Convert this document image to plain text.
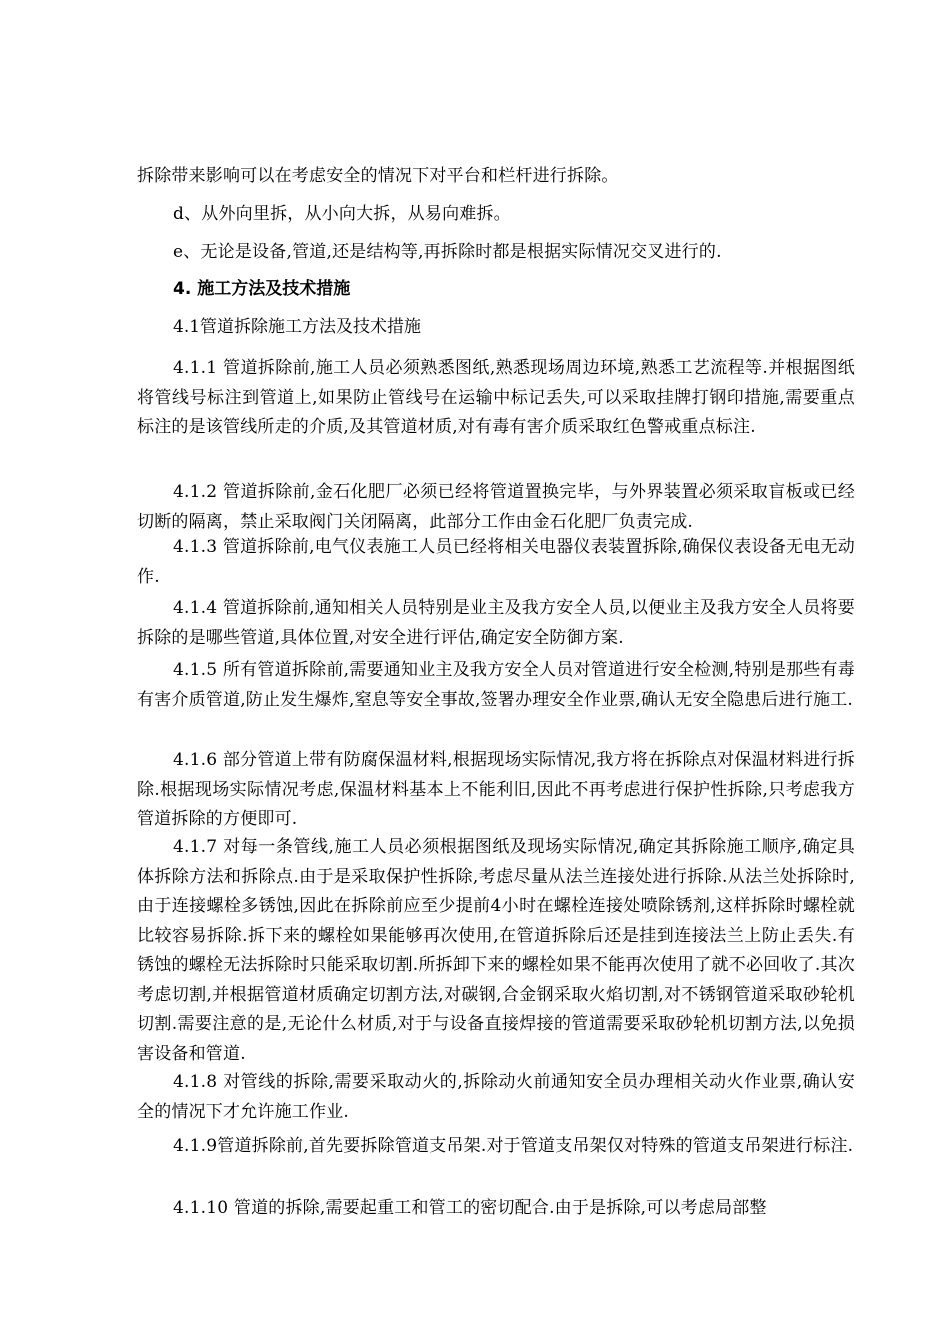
拆除带来影响可以在考虑安全的情况下对平台和栏杆进行拆除。

d、从外向里拆，从小向大拆，从易向难拆。

e、无论是设备,管道,还是结构等,再拆除时都是根据实际情况交叉进行的.

4. 施工方法及技术措施

4.1管道拆除施工方法及技术措施

4.1.1 管道拆除前,施工人员必须熟悉图纸,熟悉现场周边环境,熟悉工艺流程等.并根据图纸将管线号标注到管道上,如果防止管线号在运输中标记丢失,可以采取挂牌打钢印措施,需要重点标注的是该管线所走的介质,及其管道材质,对有毒有害介质采取红色警戒重点标注.

4.1.2 管道拆除前,金石化肥厂必须已经将管道置换完毕，与外界装置必须采取盲板或已经切断的隔离，禁止采取阀门关闭隔离，此部分工作由金石化肥厂负责完成.

4.1.3 管道拆除前,电气仪表施工人员已经将相关电器仪表装置拆除,确保仪表设备无电无动作.

4.1.4 管道拆除前,通知相关人员特别是业主及我方安全人员,以便业主及我方安全人员将要拆除的是哪些管道,具体位置,对安全进行评估,确定安全防御方案.

4.1.5 所有管道拆除前,需要通知业主及我方安全人员对管道进行安全检测,特别是那些有毒有害介质管道,防止发生爆炸,窒息等安全事故,签署办理安全作业票,确认无安全隐患后进行施工.

4.1.6 部分管道上带有防腐保温材料,根据现场实际情况,我方将在拆除点对保温材料进行拆除.根据现场实际情况考虑,保温材料基本上不能利旧,因此不再考虑进行保护性拆除,只考虑我方管道拆除的方便即可.

4.1.7 对每一条管线,施工人员必须根据图纸及现场实际情况,确定其拆除施工顺序,确定具体拆除方法和拆除点.由于是采取保护性拆除,考虑尽量从法兰连接处进行拆除.从法兰处拆除时,由于连接螺栓多锈蚀,因此在拆除前应至少提前4小时在螺栓连接处喷除锈剂,这样拆除时螺栓就比较容易拆除.拆下来的螺栓如果能够再次使用,在管道拆除后还是挂到连接法兰上防止丢失.有锈蚀的螺栓无法拆除时只能采取切割.所拆卸下来的螺栓如果不能再次使用了就不必回收了.其次考虑切割,并根据管道材质确定切割方法,对碳钢,合金钢采取火焰切割,对不锈钢管道采取砂轮机切割.需要注意的是,无论什么材质,对于与设备直接焊接的管道需要采取砂轮机切割方法,以免损害设备和管道.

4.1.8 对管线的拆除,需要采取动火的,拆除动火前通知安全员办理相关动火作业票,确认安全的情况下才允许施工作业.

4.1.9管道拆除前,首先要拆除管道支吊架.对于管道支吊架仅对特殊的管道支吊架进行标注.

4.1.10 管道的拆除,需要起重工和管工的密切配合.由于是拆除,可以考虑局部整
